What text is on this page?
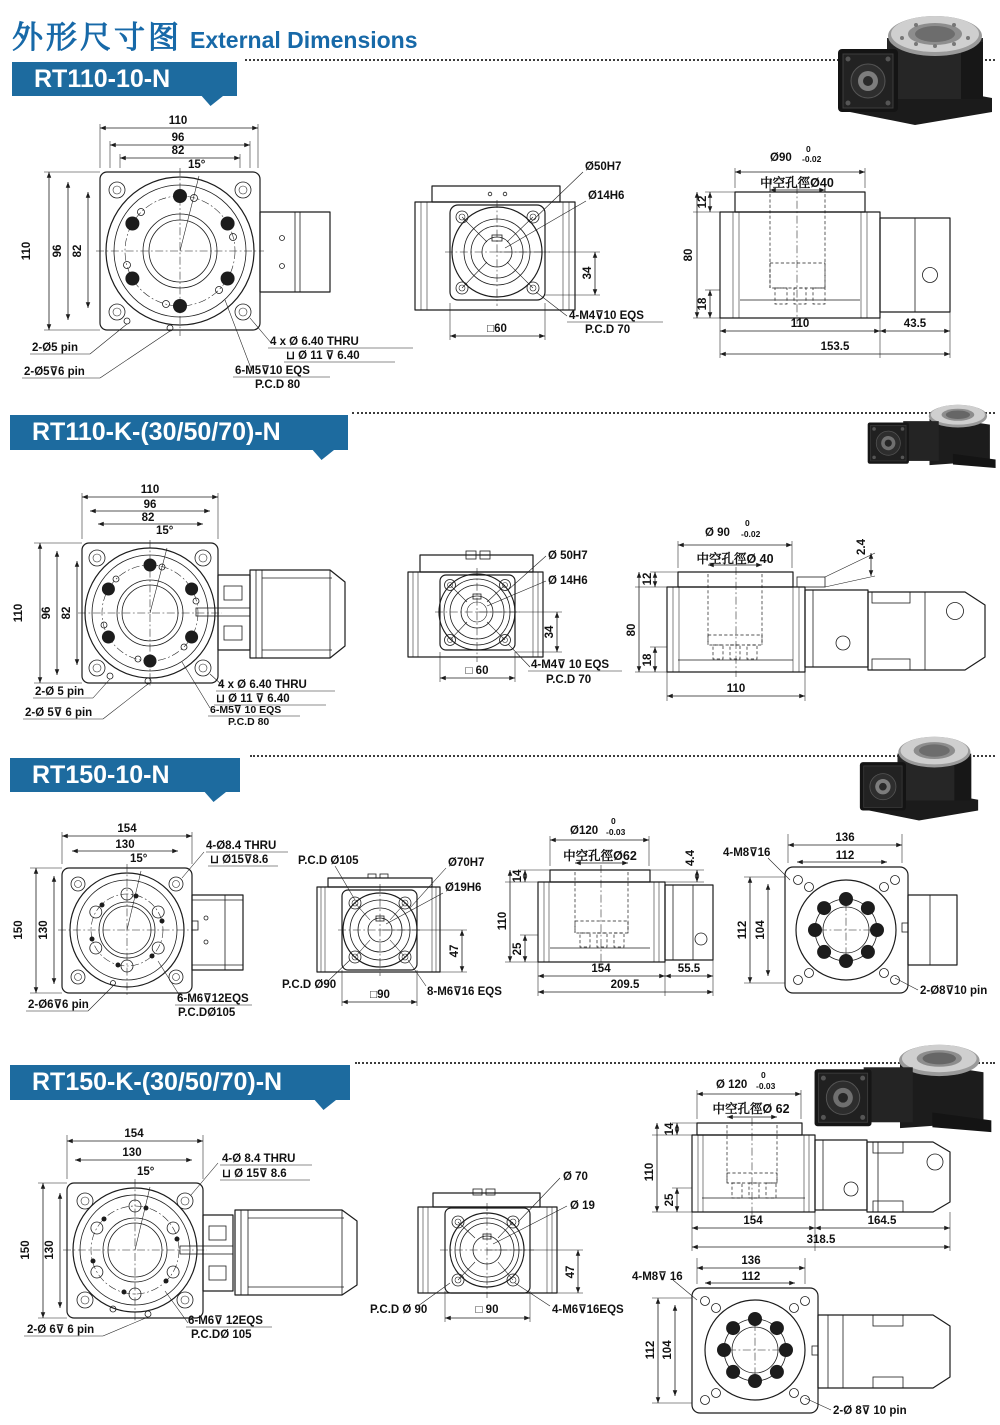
外形尺寸图 External Dimensions
RT110-10-N
110
96
82
15°
110 96 82
2-Ø5 pin
2-Ø5⊽6 pin
4 x Ø 6.40 THRU
⊔ Ø 11 ⊽ 6.40
6-M5⊽10 EQS
P.C.D 80
Ø50H7
Ø14H6
34
□60
4-M4⊽10 EQS
P.C.D 70
0
Ø90 -0.02
中空孔徑Ø40
12
80
18
110	43.5
153.5
RT110-K-(30/50/70)-N
110
96
82
15°
110 96 82
2-Ø 5 pin
2-Ø 5⊽ 6 pin
4 x Ø 6.40 THRU
⊔ Ø 11 ⊽ 6.40
6-M5⊽ 10 EQS
P.C.D 80
Ø 50H7
Ø 14H6
34
□ 60	4-M4⊽ 10 EQS
P.C.D 70
0
Ø 90 -0.02
中空孔徑Ø 40
2.4
12
80
18
110
RT150-10-N
154
130
15°
4-Ø8.4 THRU
⊔ Ø15⊽8.6
150 130
2-Ø6⊽6 pin	6-M6⊽12EQS
P.C.DØ105
P.C.D Ø105	Ø70H7
Ø19H6
47
P.C.D Ø90
□90	8-M6⊽16 EQS
0
Ø120 -0.03
中空孔徑Ø62	4.4
14
110
25
154	55.5
209.5
136
112
4-M8⊽16
112 104
2-Ø8⊽10 pin
RT150-K-(30/50/70)-N
154
130
15°
4-Ø 8.4 THRU
⊔ Ø 15⊽ 8.6
150 130
2-Ø 6⊽ 6 pin
6-M6⊽ 12EQS
P.C.DØ 105
Ø 70
Ø 19
47
P.C.D Ø 90	□ 90	4-M6⊽16EQS
0
Ø 120 -0.03
中空孔徑Ø 62
14
110
25
154	164.5
318.5
136
112
4-M8⊽ 16
112 104
2-Ø 8⊽ 10 pin
